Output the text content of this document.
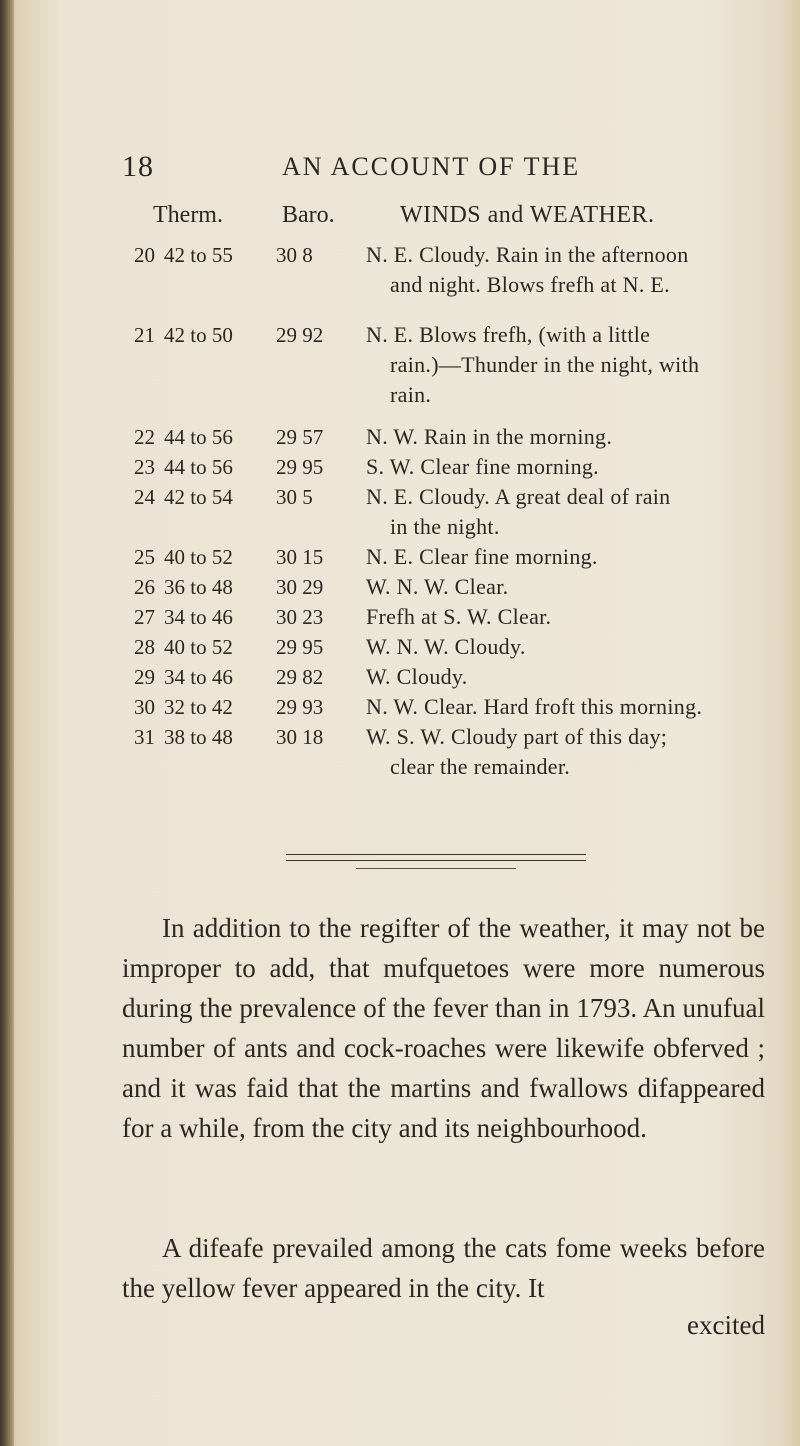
18	AN ACCOUNT OF THE
Therm. Baro.	WINDS and WEATHER.
20 42 to 55 30 8 N. E. Cloudy. Rain in the afternoon
and night. Blows frefh at N. E.
21 42 to 50 29 92 N. E. Blows frefh, (with a little
rain.)—Thunder in the night, with
rain.
22 44 to 56 29 57 N. W. Rain in the morning.
23 44 to 56 29 95 S. W. Clear fine morning.
24 42 to 54 30 5 N. E. Cloudy. A great deal of rain
in the night.
25 40 to 52 30 15 N. E. Clear fine morning.
26 36 to 48 30 29 W. N. W. Clear.
27 34 to 46 30 23 Frefh at S. W. Clear.
28 40 to 52 29 95 W. N. W. Cloudy.
29 34 to 46 29 82 W. Cloudy.
30 32 to 42 29 93 N. W. Clear. Hard froft this morning.
31 38 to 48 30 18 W. S. W. Cloudy part of this day;
clear the remainder.
In addition to the regifter of the weather, it may not be improper to add, that mufquetoes were more numerous during the prevalence of the fever than in 1793. An unufual number of ants and cock-roaches were likewife obferved ; and it was faid that the martins and fwallows difappeared for a while, from the city and its neighbourhood.
A difeafe prevailed among the cats fome weeks before the yellow fever appeared in the city. It
excited
